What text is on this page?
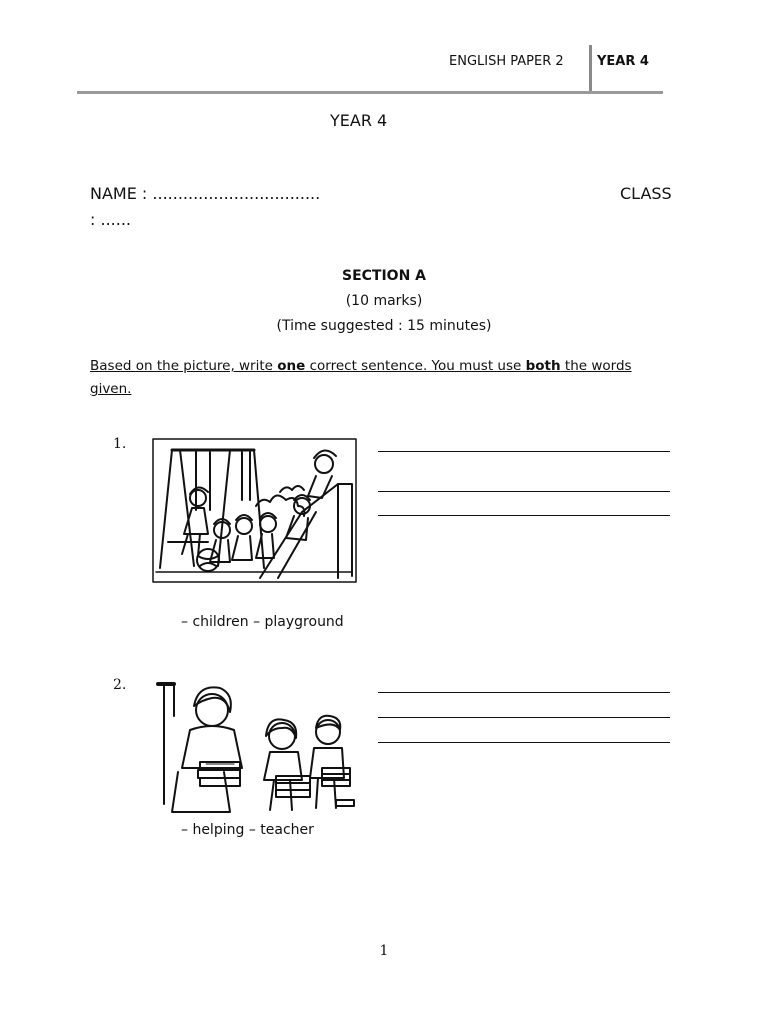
ENGLISH PAPER 2	YEAR 4
YEAR 4
NAME : .................................	CLASS
: ......
SECTION A
(10 marks)
(Time suggested : 15 minutes)
Based on the picture, write one correct sentence. You must use both the words given.
1.
– children – playground
2.
– helping – teacher
1
